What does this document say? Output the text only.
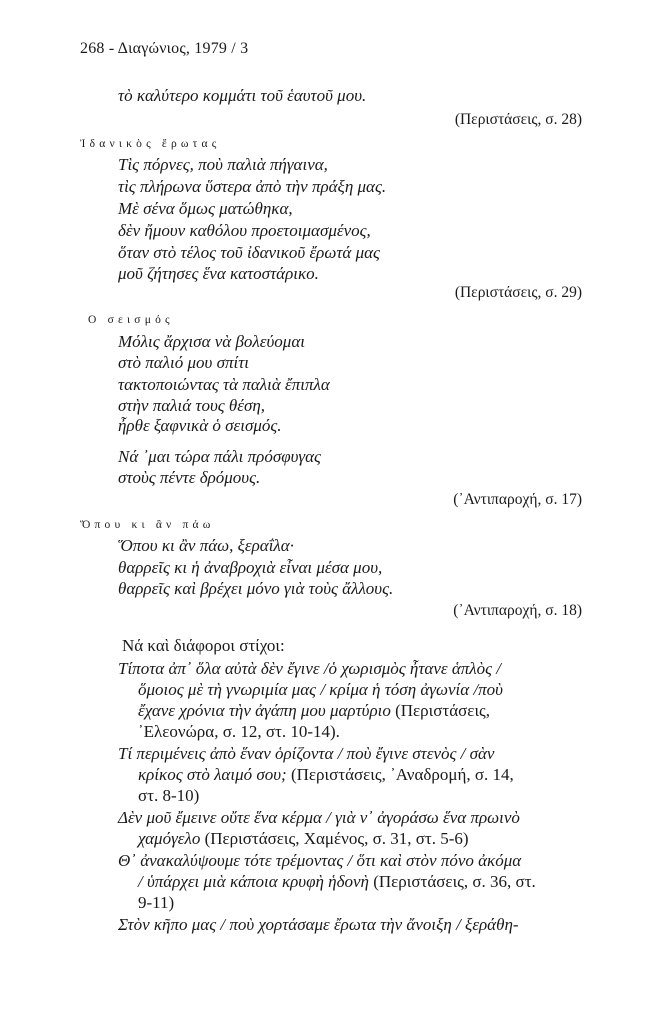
268 - Διαγώνιος, 1979 / 3
τὸ καλύτερο κομμάτι τοῦ ἑαυτοῦ μου.
(Περιστάσεις, σ. 28)
Ἰδανικὸς ἔρωτας
Τὶς πόρνες, ποὺ παλιὰ πήγαινα,
τὶς πλήρωνα ὕστερα ἀπὸ τὴν πράξη μας.
Μὲ σένα ὅμως ματώθηκα,
δὲν ἤμουν καθόλου προετοιμασμένος,
ὅταν στὸ τέλος τοῦ ἰδανικοῦ ἔρωτά μας
μοῦ ζήτησες ἕνα κατοστάρικο.
(Περιστάσεις, σ. 29)
Ο σεισμός
Μόλις ἄρχισα νὰ βολεύομαι
στὸ παλιό μου σπίτι
τακτοποιώντας τὰ παλιὰ ἔπιπλα
στὴν παλιά τους θέση,
ἦρθε ξαφνικὰ ὁ σεισμός.
Νά ᾿μαι τώρα πάλι πρόσφυγας
στοὺς πέντε δρόμους.
(᾿Αντιπαροχή, σ. 17)
Ὅπου κι ἂν πάω
Ὅπου κι ἂν πάω, ξεραΐλα·
θαρρεῖς κι ἡ ἀναβροχιὰ εἶναι μέσα μου,
θαρρεῖς καὶ βρέχει μόνο γιὰ τοὺς ἄλλους.
(᾿Αντιπαροχή, σ. 18)
Νά καὶ διάφοροι στίχοι:
Τίποτα ἀπ᾿ ὅλα αὐτὰ δὲν ἔγινε /ὁ χωρισμὸς ἦτανε ἁπλὸς /
ὅμοιος μὲ τὴ γνωριμία μας / κρίμα ἡ τόση ἀγωνία /ποὺ
ἔχανε χρόνια τὴν ἀγάπη μου μαρτύριο (Περιστάσεις,
᾿Ελεονώρα, σ. 12, στ. 10-14).
Τί περιμένεις ἀπὸ ἕναν ὁρίζοντα / ποὺ ἔγινε στενὸς / σὰν
κρίκος στὸ λαιμό σου; (Περιστάσεις, ᾿Αναδρομή, σ. 14,
στ. 8-10)
Δὲν μοῦ ἔμεινε οὔτε ἕνα κέρμα / γιὰ ν᾿ ἀγοράσω ἕνα πρωινὸ
χαμόγελο (Περιστάσεις, Χαμένος, σ. 31, στ. 5-6)
Θ᾿ ἀνακαλύψουμε τότε τρέμοντας / ὅτι καὶ στὸν πόνο ἀκόμα
/ ὑπάρχει μιὰ κάποια κρυφὴ ἡδονὴ (Περιστάσεις, σ. 36, στ.
9-11)
Στὸν κῆπο μας / ποὺ χορτάσαμε ἔρωτα τὴν ἄνοιξη / ξεράθη-
